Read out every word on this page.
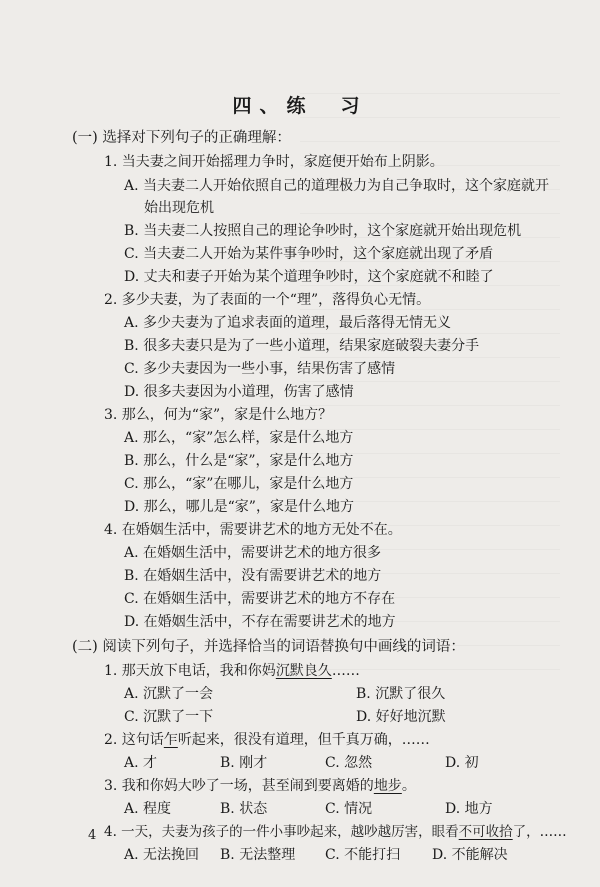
四、练　习
(一) 选择对下列句子的正确理解：
1. 当夫妻之间开始摇理力争时，家庭便开始布上阴影。
A. 当夫妻二人开始依照自己的道理极力为自己争取时，这个家庭就开
始出现危机
B. 当夫妻二人按照自己的理论争吵时，这个家庭就开始出现危机
C. 当夫妻二人开始为某件事争吵时，这个家庭就出现了矛盾
D. 丈夫和妻子开始为某个道理争吵时，这个家庭就不和睦了
2. 多少夫妻，为了表面的一个“理”，落得负心无情。
A. 多少夫妻为了追求表面的道理，最后落得无情无义
B. 很多夫妻只是为了一些小道理，结果家庭破裂夫妻分手
C. 多少夫妻因为一些小事，结果伤害了感情
D. 很多夫妻因为小道理，伤害了感情
3. 那么，何为“家”，家是什么地方？
A. 那么，“家”怎么样，家是什么地方
B. 那么，什么是“家”，家是什么地方
C. 那么，“家”在哪儿，家是什么地方
D. 那么，哪儿是“家”，家是什么地方
4. 在婚姻生活中，需要讲艺术的地方无处不在。
A. 在婚姻生活中，需要讲艺术的地方很多
B. 在婚姻生活中，没有需要讲艺术的地方
C. 在婚姻生活中，需要讲艺术的地方不存在
D. 在婚姻生活中，不存在需要讲艺术的地方
(二) 阅读下列句子，并选择恰当的词语替换句中画线的词语：
1. 那天放下电话，我和你妈沉默良久……
A. 沉默了一会	B. 沉默了很久
C. 沉默了一下	D. 好好地沉默
2. 这句话乍听起来，很没有道理，但千真万确，……
A. 才	B. 刚才	C. 忽然	D. 初
3. 我和你妈大吵了一场，甚至闹到要离婚的地步。
A. 程度	B. 状态	C. 情况	D. 地方
4. 一天，夫妻为孩子的一件小事吵起来，越吵越厉害，眼看不可收拾了，……
A. 无法挽回 B. 无法整理 C. 不能打扫 D. 不能解决
4
